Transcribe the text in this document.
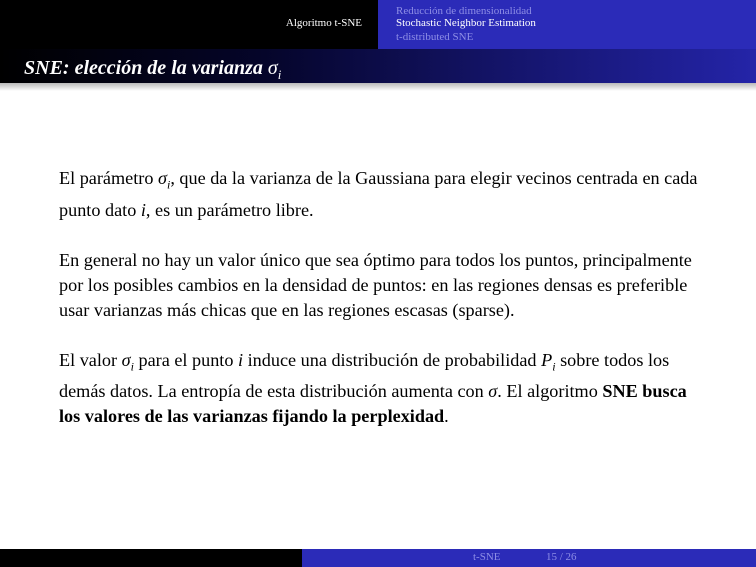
Algoritmo t-SNE
Reducción de dimensionalidad
Stochastic Neighbor Estimation
t-distributed SNE
SNE: elección de la varianza $\sigma_i$

El parámetro $\sigma_i$, que da la varianza de la Gaussiana para elegir vecinos centrada en cada punto dato i, es un parámetro libre.

En general no hay un valor único que sea óptimo para todos los puntos, principalmente por los posibles cambios en la densidad de puntos: en las regiones densas es preferible usar varianzas más chicas que en las regiones escasas (sparse).

El valor $\sigma_i$ para el punto i induce una distribución de probabilidad $P_i$ sobre todos los demás datos. La entropía de esta distribución aumenta con σ. El algoritmo SNE busca los valores de las varianzas fijando la perplexidad.

t-SNE	15 / 26
